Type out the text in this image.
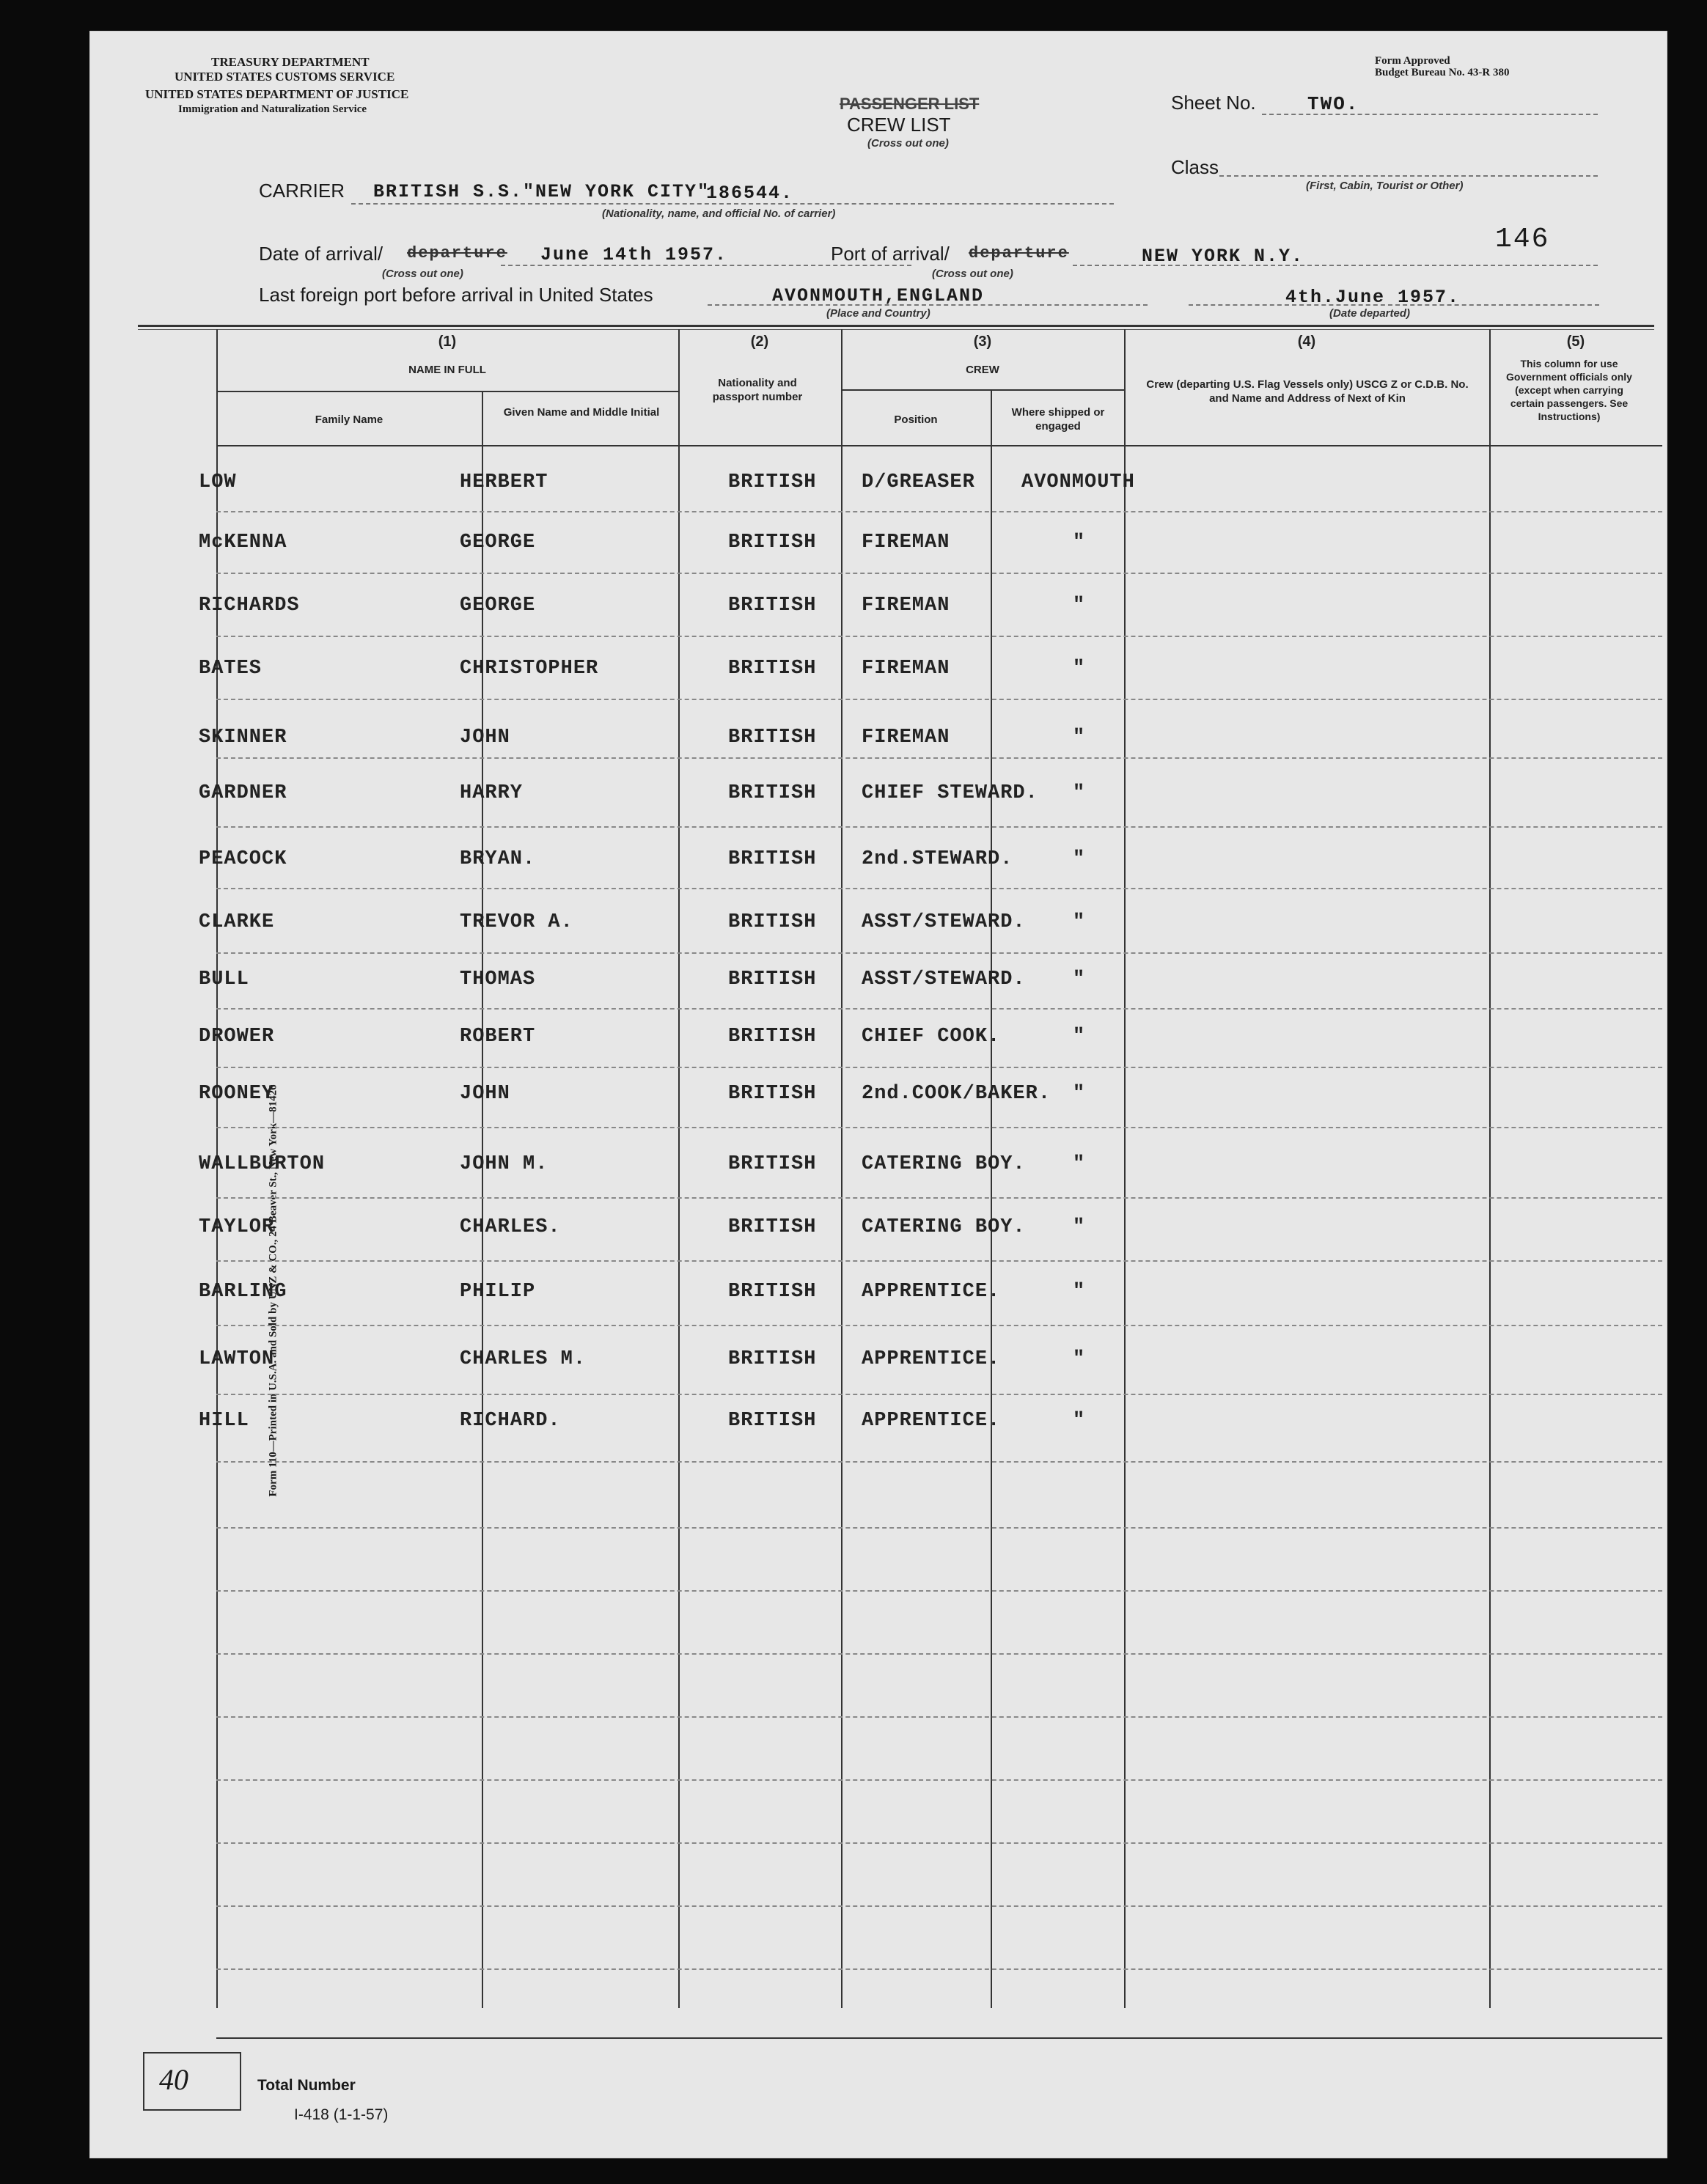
TREASURY DEPARTMENT
UNITED STATES CUSTOMS SERVICE
UNITED STATES DEPARTMENT OF JUSTICE
Immigration and Naturalization Service
Form Approved
Budget Bureau No. 43-R 380
PASSENGER LIST
CREW LIST
(Cross out one)
Sheet No.	TWO.
Class
(First, Cabin, Tourist or Other)
CARRIER BRITISH S.S."NEW YORK CITY"
186544.
(Nationality, name, and official No. of carrier)
146
Date of arrival/ departure June 14th 1957.
(Cross out one)
Port of arrival/ departure	NEW YORK N.Y.
(Cross out one)
Last foreign port before arrival in United States	AVONMOUTH,ENGLAND
(Place and Country)
4th.June 1957.
(Date departed)
(1)
NAME IN FULL
Family Name
Given Name and Middle Initial
(2)
Nationality and passport number
(3)
CREW
Position
Where shipped or engaged
(4)
Crew (departing U.S. Flag Vessels only) USCG Z or C.D.B. No. and Name and Address of Next of Kin
(5)
This column for use Government officials only (except when carrying certain passengers. See Instructions)
40	Total Number
I-418 (1-1-57)
Form 110—Printed in U.S.A. and Sold by UNZ & CO., 24 Beaver St., New York—81426
LOW	HERBERT	BRITISH D/GREASER AVONMOUTH
McKENNA	GEORGE	BRITISH FIREMAN	"
RICHARDS	GEORGE	BRITISH FIREMAN	"
BATES	CHRISTOPHER	BRITISH FIREMAN	"
SKINNER	JOHN	BRITISH FIREMAN	"
GARDNER	HARRY	BRITISH CHIEF STEWARD. "
PEACOCK	BRYAN.	BRITISH 2nd.STEWARD.	"
CLARKE	TREVOR A.	BRITISH ASST/STEWARD. "
BULL	THOMAS	BRITISH ASST/STEWARD. "
DROWER	ROBERT	BRITISH CHIEF COOK.	"
ROONEY	JOHN	BRITISH 2nd.COOK/BAKER. "
WALLBURTON	JOHN M.	BRITISH CATERING BOY. "
TAYLOR	CHARLES.	BRITISH CATERING BOY. "
BARLING	PHILIP	BRITISH APPRENTICE.	"
LAWTON	CHARLES M.	BRITISH APPRENTICE.	"
HILL	RICHARD.	BRITISH APPRENTICE.	"
